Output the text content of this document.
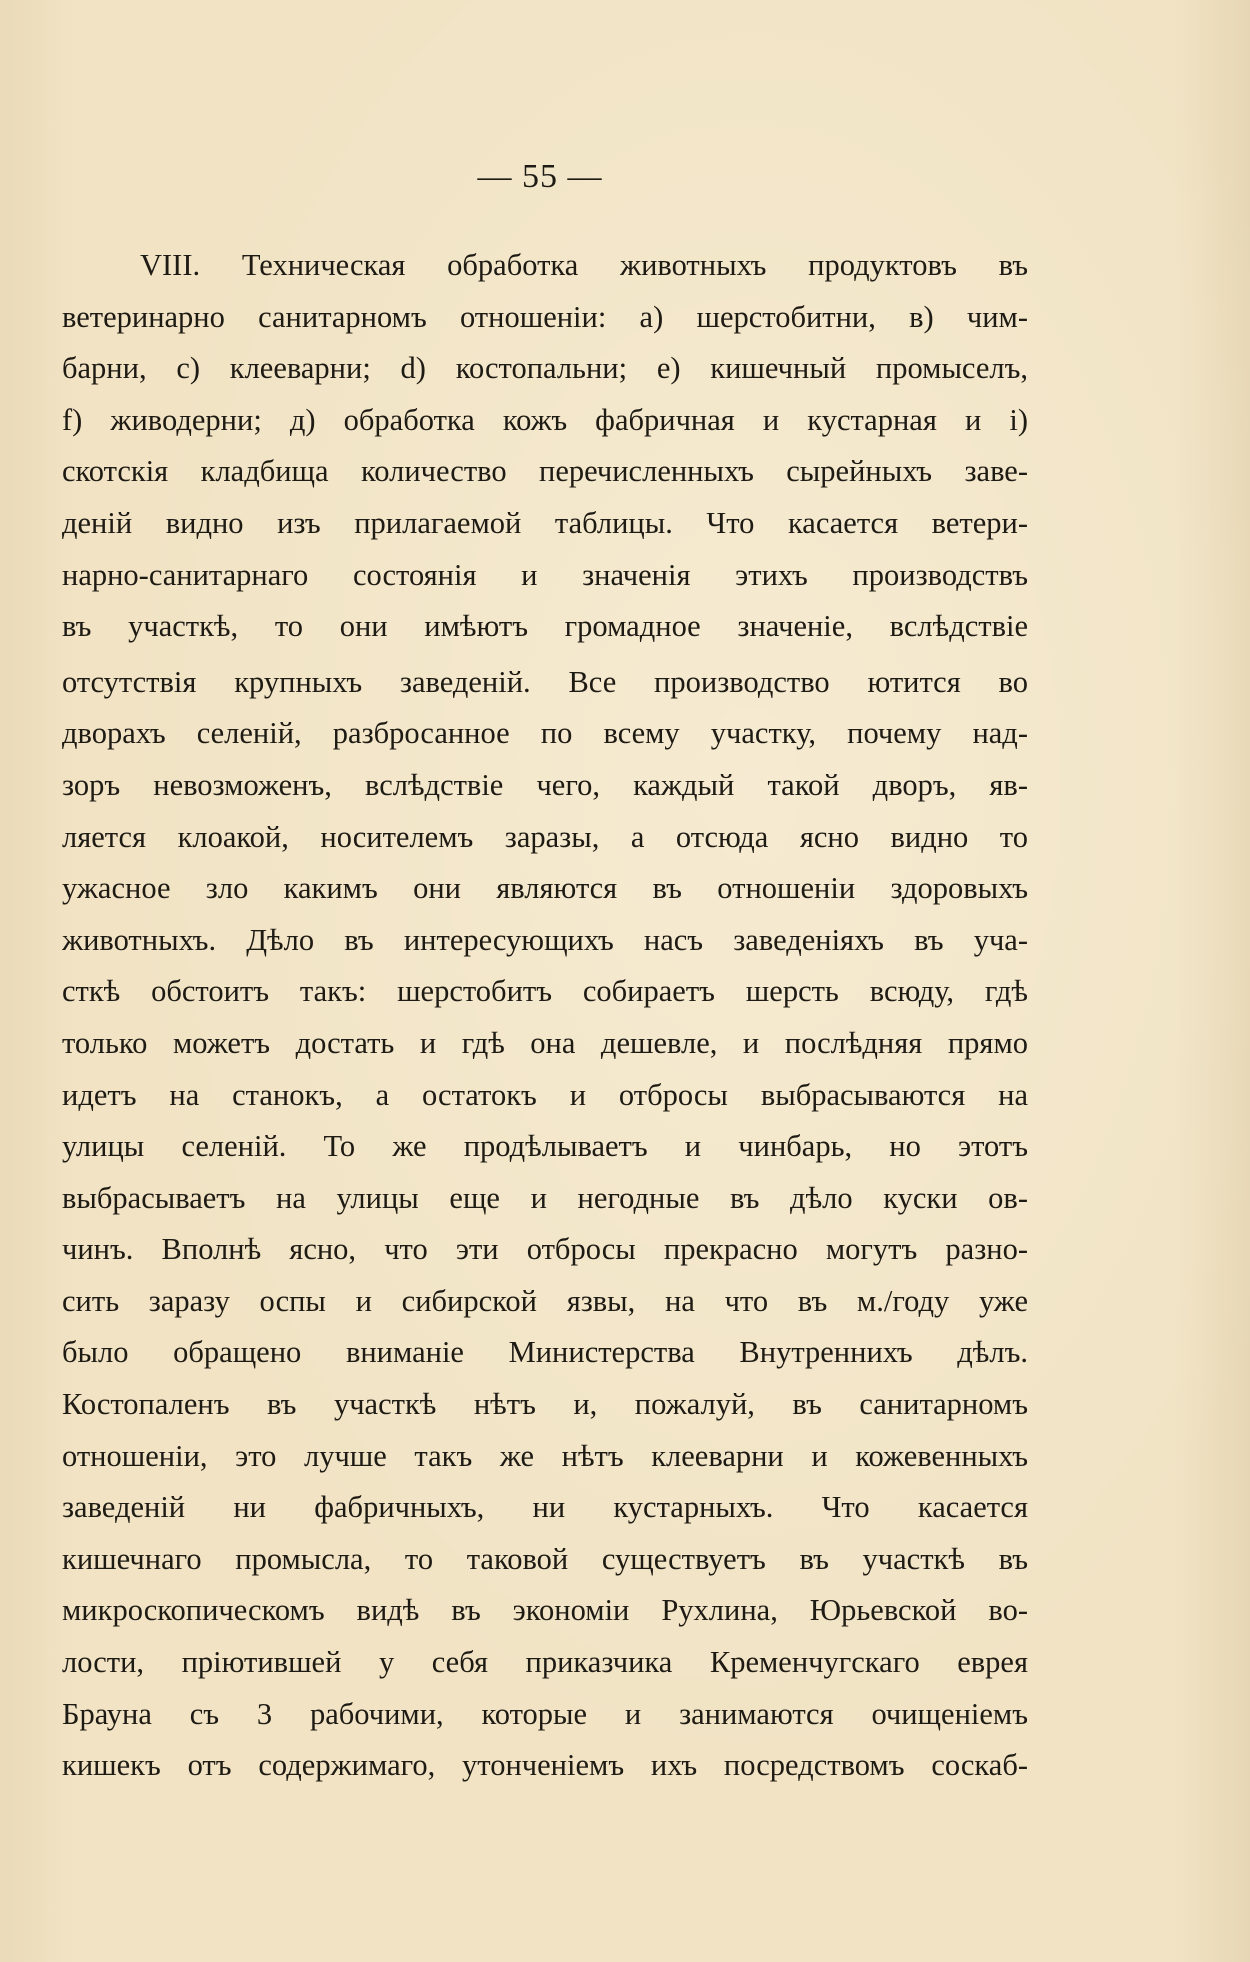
— 55 —
VIII. Техническая обработка животныхъ продуктовъ въ
ветеринарно санитарномъ отношеніи: а) шерстобитни, в) чим-
барни, с) клееварни; d) костопальни; е) кишечный промыселъ,
f) живодерни; д) обработка кожъ фабричная и кустарная и і)
скотскія кладбища количество перечисленныхъ сырейныхъ заве-
деній видно изъ прилагаемой таблицы. Что касается ветери-
нарно-санитарнаго состоянія и значенія этихъ производствъ
въ участкѣ, то они имѣютъ громадное значеніе, вслѣдствіе
отсутствія крупныхъ заведеній. Все производство ютится во
дворахъ селеній, разбросанное по всему участку, почему над-
зоръ невозможенъ, вслѣдствіе чего, каждый такой дворъ, яв-
ляется клоакой, носителемъ заразы, а отсюда ясно видно то
ужасное зло какимъ они являются въ отношеніи здоровыхъ
животныхъ. Дѣло въ интересующихъ насъ заведеніяхъ въ уча-
сткѣ обстоитъ такъ: шерстобитъ собираетъ шерсть всюду, гдѣ
только можетъ достать и гдѣ она дешевле, и послѣдняя прямо
идетъ на станокъ, а остатокъ и отбросы выбрасываются на
улицы селеній. То же продѣлываетъ и чинбарь, но этотъ
выбрасываетъ на улицы еще и негодные въ дѣло куски ов-
чинъ. Вполнѣ ясно, что эти отбросы прекрасно могутъ разно-
сить заразу оспы и сибирской язвы, на что въ м./году уже
было обращено вниманіе Министерства Внутреннихъ дѣлъ.
Костопаленъ въ участкѣ нѣтъ и, пожалуй, въ санитарномъ
отношеніи, это лучше такъ же нѣтъ клееварни и кожевенныхъ
заведеній ни фабричныхъ, ни кустарныхъ. Что касается
кишечнаго промысла, то таковой существуетъ въ участкѣ въ
микроскопическомъ видѣ въ экономіи Рухлина, Юрьевской во-
лости, пріютившей у себя приказчика Кременчугскаго еврея
Брауна съ 3 рабочими, которые и занимаются очищеніемъ
кишекъ отъ содержимаго, утонченіемъ ихъ посредствомъ соскаб-
